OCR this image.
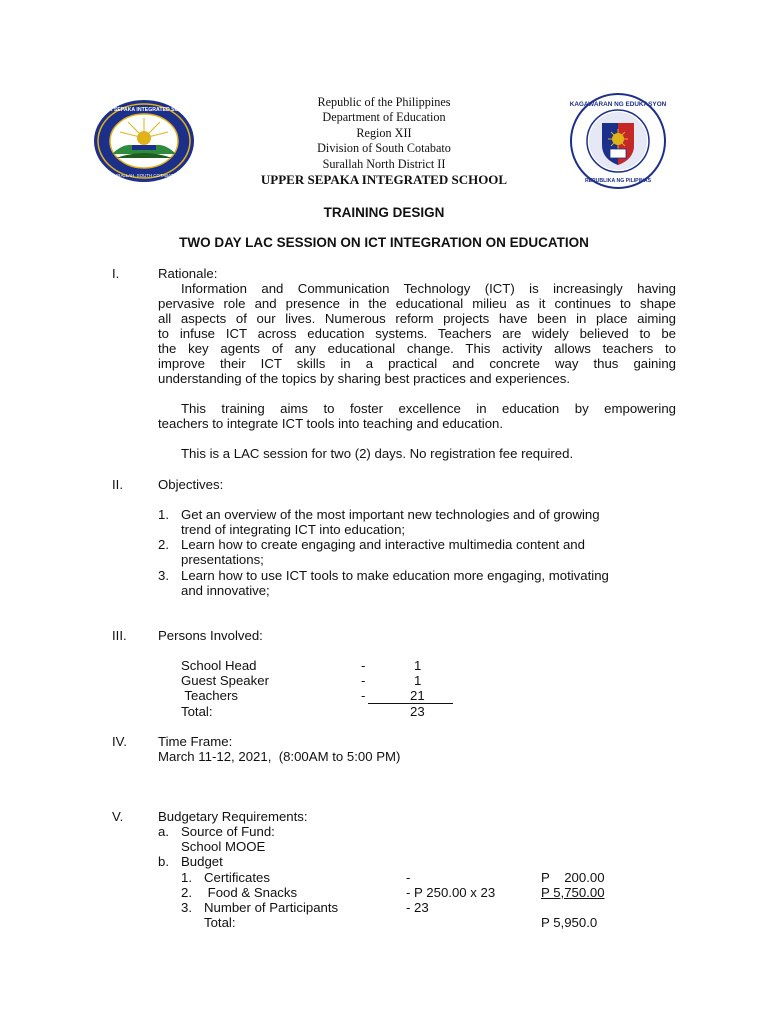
UPPER SEPAKA INTEGRATED SCHOOL
SURALLAH, SOUTH COTABATO
KAGAWARAN NG EDUKASYON
REPUBLIKA NG PILIPINAS
Republic of the Philippines
Department of Education
Region XII
Division of South Cotabato
Surallah North District II
UPPER SEPAKA INTEGRATED SCHOOL
TRAINING DESIGN
TWO DAY LAC SESSION ON ICT INTEGRATION ON EDUCATION
I.	Rationale:
Information and Communication Technology (ICT) is increasingly having
pervasive role and presence in the educational milieu as it continues to shape
all aspects of our lives. Numerous reform projects have been in place aiming
to infuse ICT across education systems. Teachers are widely believed to be
the key agents of any educational change. This activity allows teachers to
improve their ICT skills in a practical and concrete way thus gaining
understanding of the topics by sharing best practices and experiences.
This training aims to foster excellence in education by empowering
teachers to integrate ICT tools into teaching and education.
This is a LAC session for two (2) days. No registration fee required.
II.	Objectives:
1. Get an overview of the most important new technologies and of growing
trend of integrating ICT into education;
2. Learn how to create engaging and interactive multimedia content and
presentations;
3. Learn how to use ICT tools to make education more engaging, motivating
and innovative;
III. Persons Involved:
School Head	-	1
Guest Speaker	-	1
Teachers	-	21
Total:	23
IV. Time Frame:
March 11-12, 2021,  (8:00AM to 5:00 PM)
V.	Budgetary Requirements:
a. Source of Fund:
School MOOE
b. Budget
1. Certificates	-	P    200.00
2. Food & Snacks	- P 250.00 x 23	P 5,750.00
3. Number of Participants	- 23
Total:	P 5,950.0
